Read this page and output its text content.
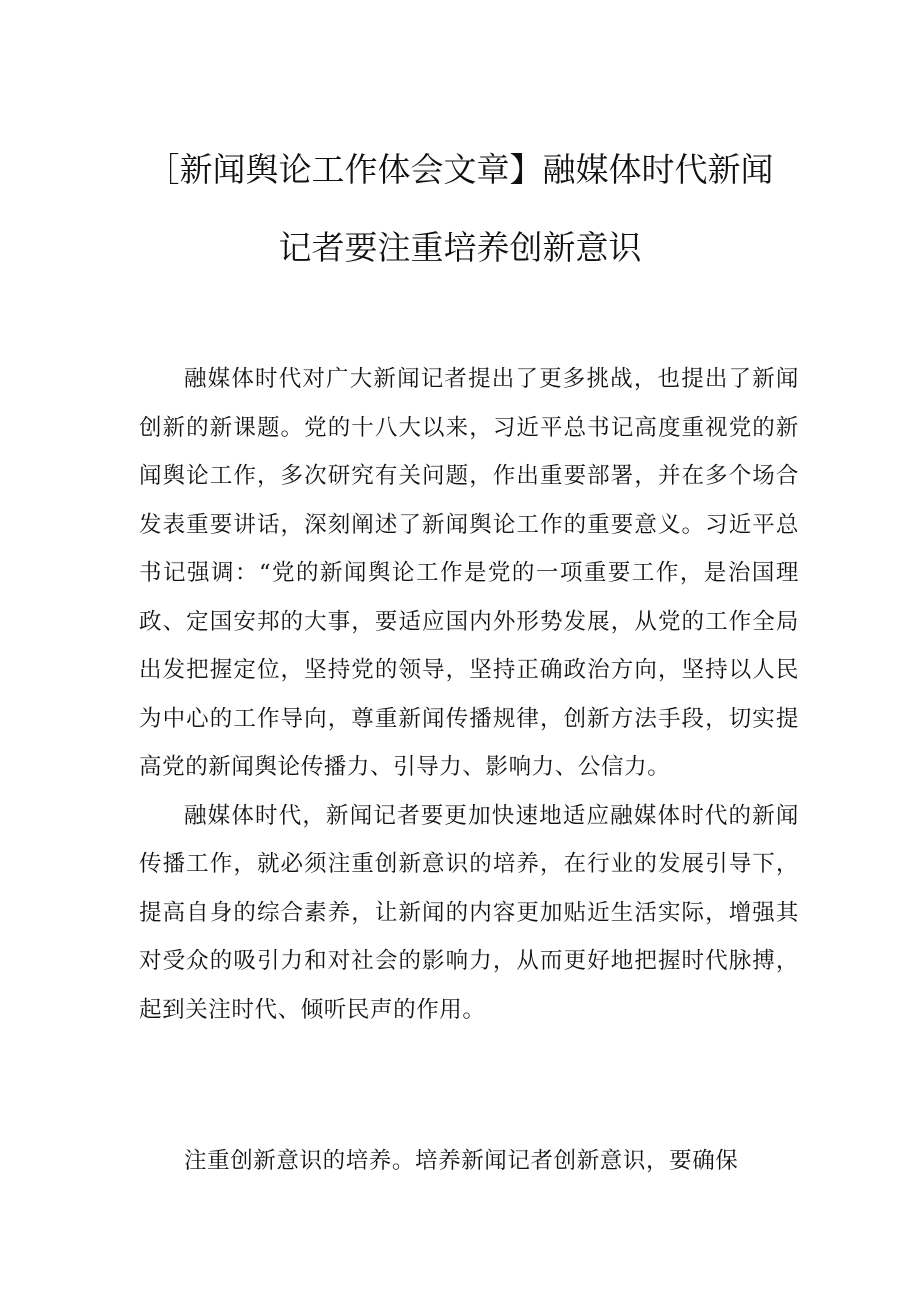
［新闻舆论工作体会文章】融媒体时代新闻
记者要注重培养创新意识

融媒体时代对广大新闻记者提出了更多挑战，也提出了新闻创新的新课题。党的十八大以来，习近平总书记高度重视党的新闻舆论工作，多次研究有关问题，作出重要部署，并在多个场合发表重要讲话，深刻阐述了新闻舆论工作的重要意义。习近平总书记强调：“党的新闻舆论工作是党的一项重要工作，是治国理政、定国安邦的大事，要适应国内外形势发展，从党的工作全局出发把握定位，坚持党的领导，坚持正确政治方向，坚持以人民为中心的工作导向，尊重新闻传播规律，创新方法手段，切实提高党的新闻舆论传播力、引导力、影响力、公信力。

融媒体时代，新闻记者要更加快速地适应融媒体时代的新闻传播工作，就必须注重创新意识的培养，在行业的发展引导下，提高自身的综合素养，让新闻的内容更加贴近生活实际，增强其对受众的吸引力和对社会的影响力，从而更好地把握时代脉搏，起到关注时代、倾听民声的作用。

注重创新意识的培养。培养新闻记者创新意识，要确保
